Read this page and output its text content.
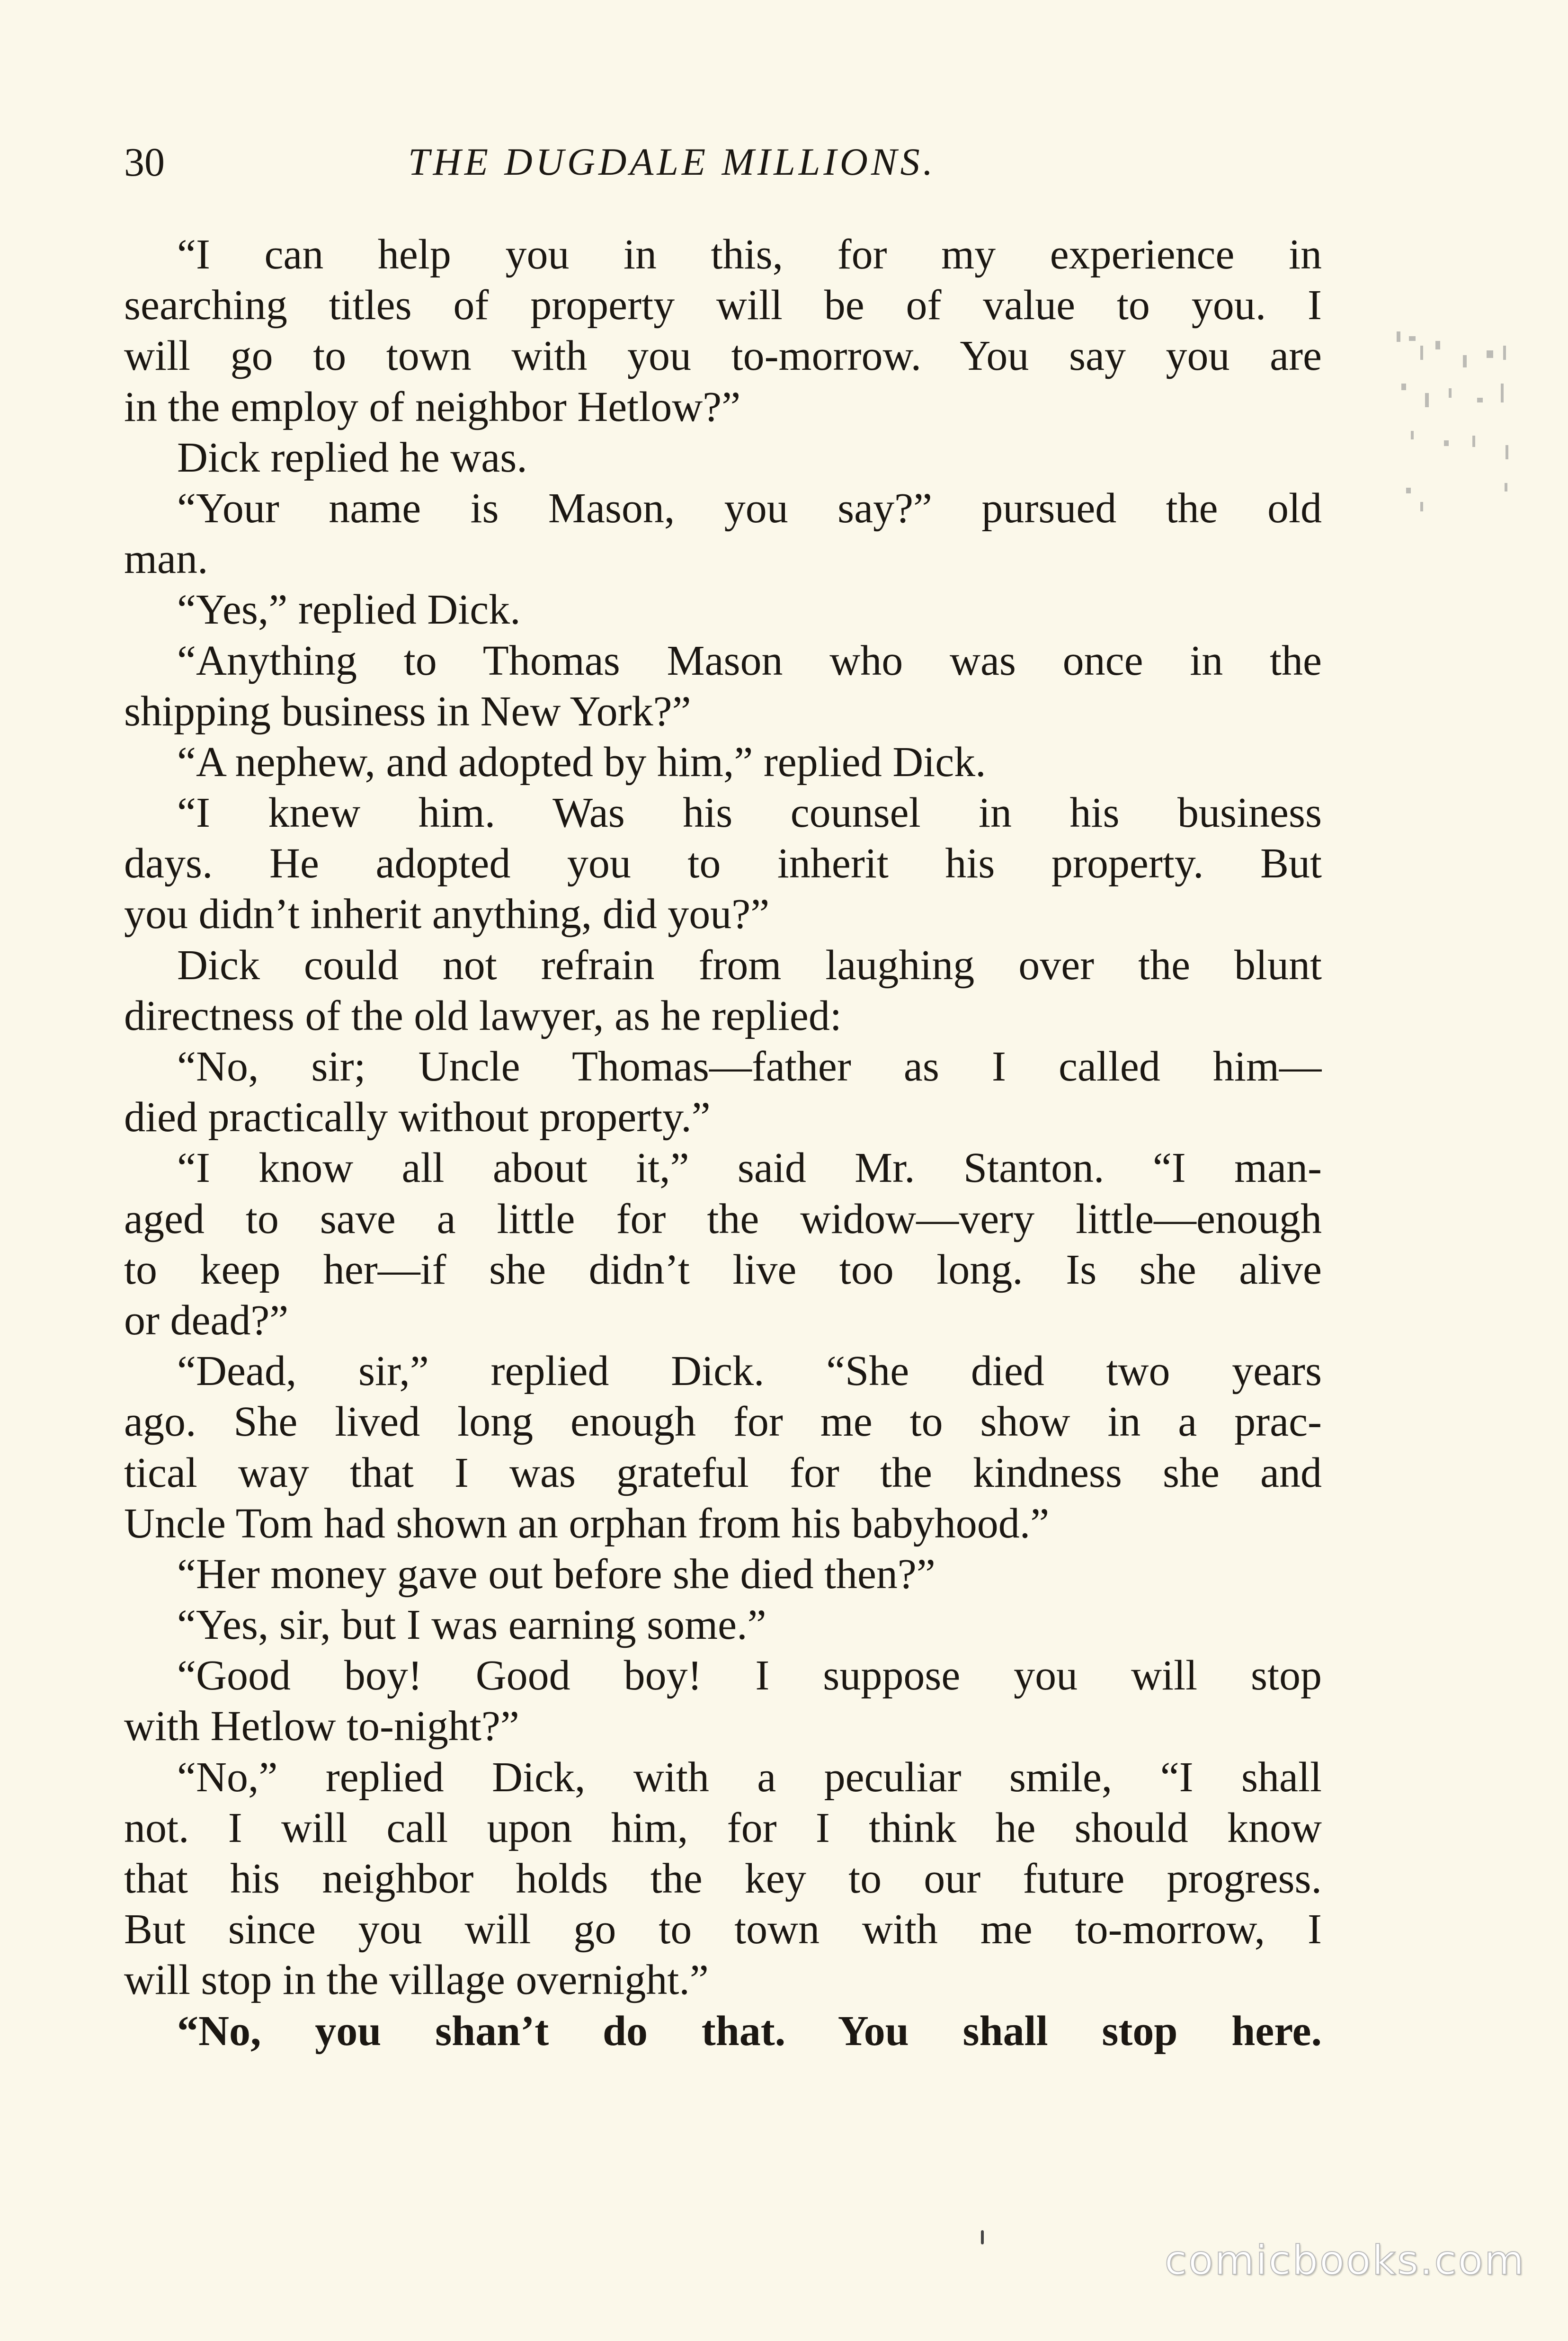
30	THE DUGDALE MILLIONS.
“I can help you in this, for my experience in
searching titles of property will be of value to you. I
will go to town with you to-morrow. You say you are
in the employ of neighbor Hetlow?”
Dick replied he was.
“Your name is Mason, you say?” pursued the old
man.
“Yes,” replied Dick.
“Anything to Thomas Mason who was once in the
shipping business in New York?”
“A nephew, and adopted by him,” replied Dick.
“I knew him. Was his counsel in his business
days. He adopted you to inherit his property. But
you didn’t inherit anything, did you?”
Dick could not refrain from laughing over the blunt
directness of the old lawyer, as he replied:
“No, sir; Uncle Thomas—father as I called him—
died practically without property.”
“I know all about it,” said Mr. Stanton. “I man-
aged to save a little for the widow—very little—enough
to keep her—if she didn’t live too long. Is she alive
or dead?”
“Dead, sir,” replied Dick. “She died two years
ago. She lived long enough for me to show in a prac-
tical way that I was grateful for the kindness she and
Uncle Tom had shown an orphan from his babyhood.”
“Her money gave out before she died then?”
“Yes, sir, but I was earning some.”
“Good boy! Good boy! I suppose you will stop
with Hetlow to-night?”
“No,” replied Dick, with a peculiar smile, “I shall
not. I will call upon him, for I think he should know
that his neighbor holds the key to our future progress.
But since you will go to town with me to-morrow, I
will stop in the village overnight.”
“No, you shan’t do that. You shall stop here.
comicbooks.com
